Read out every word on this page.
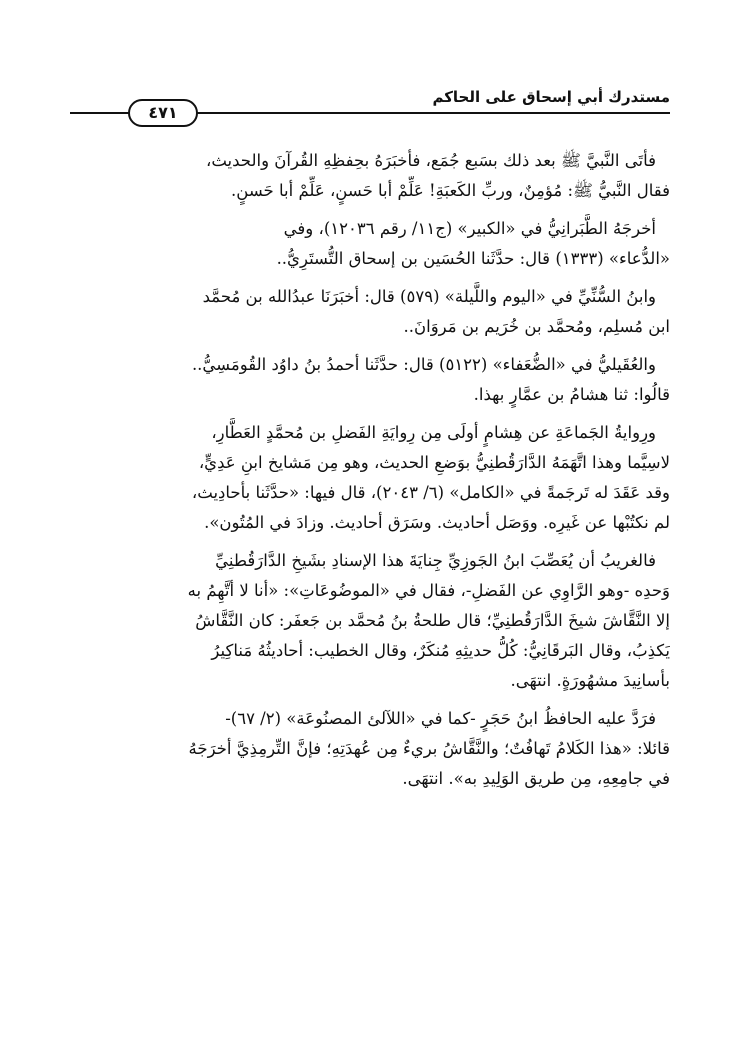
مستدرك أبي إسحاق على الحاكم
٤٧١

فأتَى النَّبيَّ ﷺ بعد ذلك بسَبع جُمَع، فأخبَرَهُ بحِفظِهِ القُرآنَ والحديث،
فقال النَّبيُّ ﷺ: مُؤمِنٌ، وربِّ الكَعبَةِ! عَلِّمْ أبا حَسنٍ، عَلِّمْ أبا حَسنٍ.

أخرجَهُ الطَّبَرانِيُّ في «الكبير» (ج١١/ رقم ١٢٠٣٦)، وفي
«الدُّعاء» (١٣٣٣) قال: حدَّثَنا الحُسَين بن إسحاق التُّستَرِيُّ..

وابنُ السُّنِّيِّ في «اليوم واللَّيلة» (٥٧٩) قال: أخبَرَنَا عبدُالله بن مُحمَّد
ابن مُسلِم، ومُحمَّد بن خُرَيم بن مَروَانَ..

والعُقَيليُّ في «الضُّعَفاء» (٥١٢٢) قال: حدَّثَنا أحمدُ بنُ داوُد القُومَسِيُّ..
قالُوا: ثنا هشامُ بن عمَّارٍ بهذا.

ورِوايةُ الجَماعَةِ عن هِشامٍ أولَى مِن رِوايَةِ الفَضلِ بن مُحمَّدٍ العَطَّارِ،
لاسِيَّما وهذا اتَّهَمَهُ الدَّارَقُطنِيُّ بوَضعِ الحديث، وهو مِن مَشايخ ابنِ عَدِيٍّ،
وقد عَقَدَ له تَرجَمةً في «الكامل» (٦/ ٢٠٤٣)، قال فيها: «حدَّثَنا بأحادِيث،
لم نكتُبْها عن غَيرِه. ووَصَل أحاديث. وسَرَق أحاديث. وزادَ في المُتُون».

فالغريبُ أن يُعَصِّبَ ابنُ الجَوزِيِّ جِنايَةَ هذا الإسنادِ بشَيخِ الدَّارَقُطنِيِّ
وَحدِه -وهو الرَّاوِي عن الفَضلِ-، فقال في «الموضُوعَاتِ»: «أنا لا أتَّهِمُ به
إلا النَّقَّاشَ شيخَ الدَّارَقُطنِيِّ؛ قال طلحةُ بنُ مُحمَّد بن جَعفَر: كان النَّقَّاشُ
يَكذِبُ، وقال البَرقَانِيُّ: كُلُّ حديثِهِ مُنكَرٌ، وقال الخطيب: أحاديثُهُ مَناكِيرُ
بأسانِيدَ مشهُورَةٍ. انتهَى.

فرَدَّ عليه الحافظُ ابنُ حَجَرٍ -كما في «اللآلئ المصنُوعَة» (٢/ ٦٧)-
قائلا: «هذا الكَلامُ تَهافُتٌ؛ والنَّقَّاشُ بريءٌ مِن عُهدَتِهِ؛ فإنَّ التِّرمِذِيَّ أخرَجَهُ
في جامِعِهِ، مِن طريق الوَلِيدِ به». انتهَى.
